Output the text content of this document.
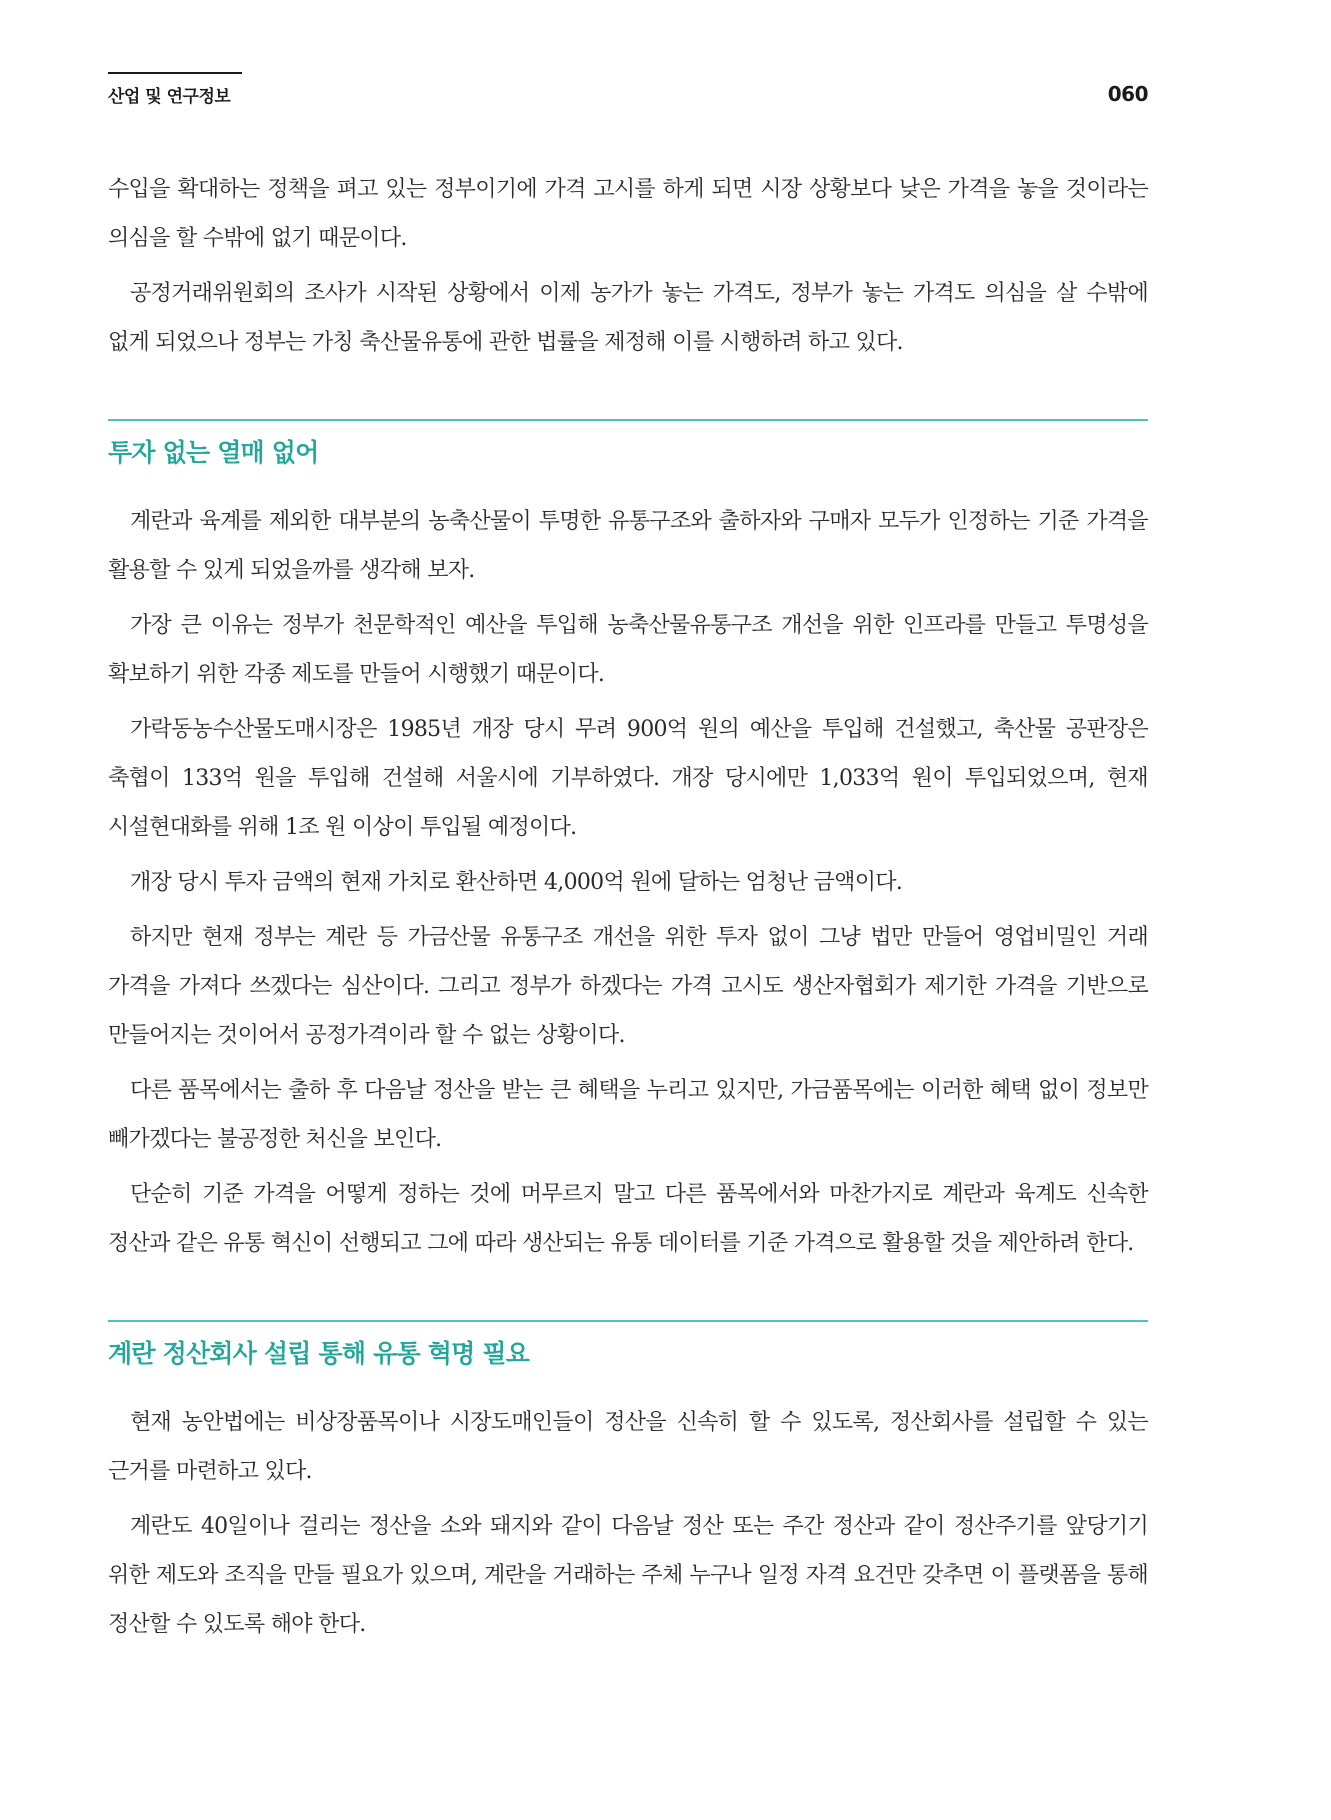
산업 및 연구정보	060

수입을 확대하는 정책을 펴고 있는 정부이기에 가격 고시를 하게 되면 시장 상황보다 낮은 가격을 놓을 것이라는 의심을 할 수밖에 없기 때문이다.

공정거래위원회의 조사가 시작된 상황에서 이제 농가가 놓는 가격도, 정부가 놓는 가격도 의심을 살 수밖에 없게 되었으나 정부는 가칭 축산물유통에 관한 법률을 제정해 이를 시행하려 하고 있다.

투자 없는 열매 없어

계란과 육계를 제외한 대부분의 농축산물이 투명한 유통구조와 출하자와 구매자 모두가 인정하는 기준 가격을 활용할 수 있게 되었을까를 생각해 보자.

가장 큰 이유는 정부가 천문학적인 예산을 투입해 농축산물유통구조 개선을 위한 인프라를 만들고 투명성을 확보하기 위한 각종 제도를 만들어 시행했기 때문이다.

가락동농수산물도매시장은 1985년 개장 당시 무려 900억 원의 예산을 투입해 건설했고, 축산물 공판장은 축협이 133억 원을 투입해 건설해 서울시에 기부하였다. 개장 당시에만 1,033억 원이 투입되었으며, 현재 시설현대화를 위해 1조 원 이상이 투입될 예정이다.

개장 당시 투자 금액의 현재 가치로 환산하면 4,000억 원에 달하는 엄청난 금액이다.

하지만 현재 정부는 계란 등 가금산물 유통구조 개선을 위한 투자 없이 그냥 법만 만들어 영업비밀인 거래 가격을 가져다 쓰겠다는 심산이다. 그리고 정부가 하겠다는 가격 고시도 생산자협회가 제기한 가격을 기반으로 만들어지는 것이어서 공정가격이라 할 수 없는 상황이다.

다른 품목에서는 출하 후 다음날 정산을 받는 큰 혜택을 누리고 있지만, 가금품목에는 이러한 혜택 없이 정보만 빼가겠다는 불공정한 처신을 보인다.

단순히 기준 가격을 어떻게 정하는 것에 머무르지 말고 다른 품목에서와 마찬가지로 계란과 육계도 신속한 정산과 같은 유통 혁신이 선행되고 그에 따라 생산되는 유통 데이터를 기준 가격으로 활용할 것을 제안하려 한다.

계란 정산회사 설립 통해 유통 혁명 필요

현재 농안법에는 비상장품목이나 시장도매인들이 정산을 신속히 할 수 있도록, 정산회사를 설립할 수 있는 근거를 마련하고 있다.

계란도 40일이나 걸리는 정산을 소와 돼지와 같이 다음날 정산 또는 주간 정산과 같이 정산주기를 앞당기기 위한 제도와 조직을 만들 필요가 있으며, 계란을 거래하는 주체 누구나 일정 자격 요건만 갖추면 이 플랫폼을 통해 정산할 수 있도록 해야 한다.
